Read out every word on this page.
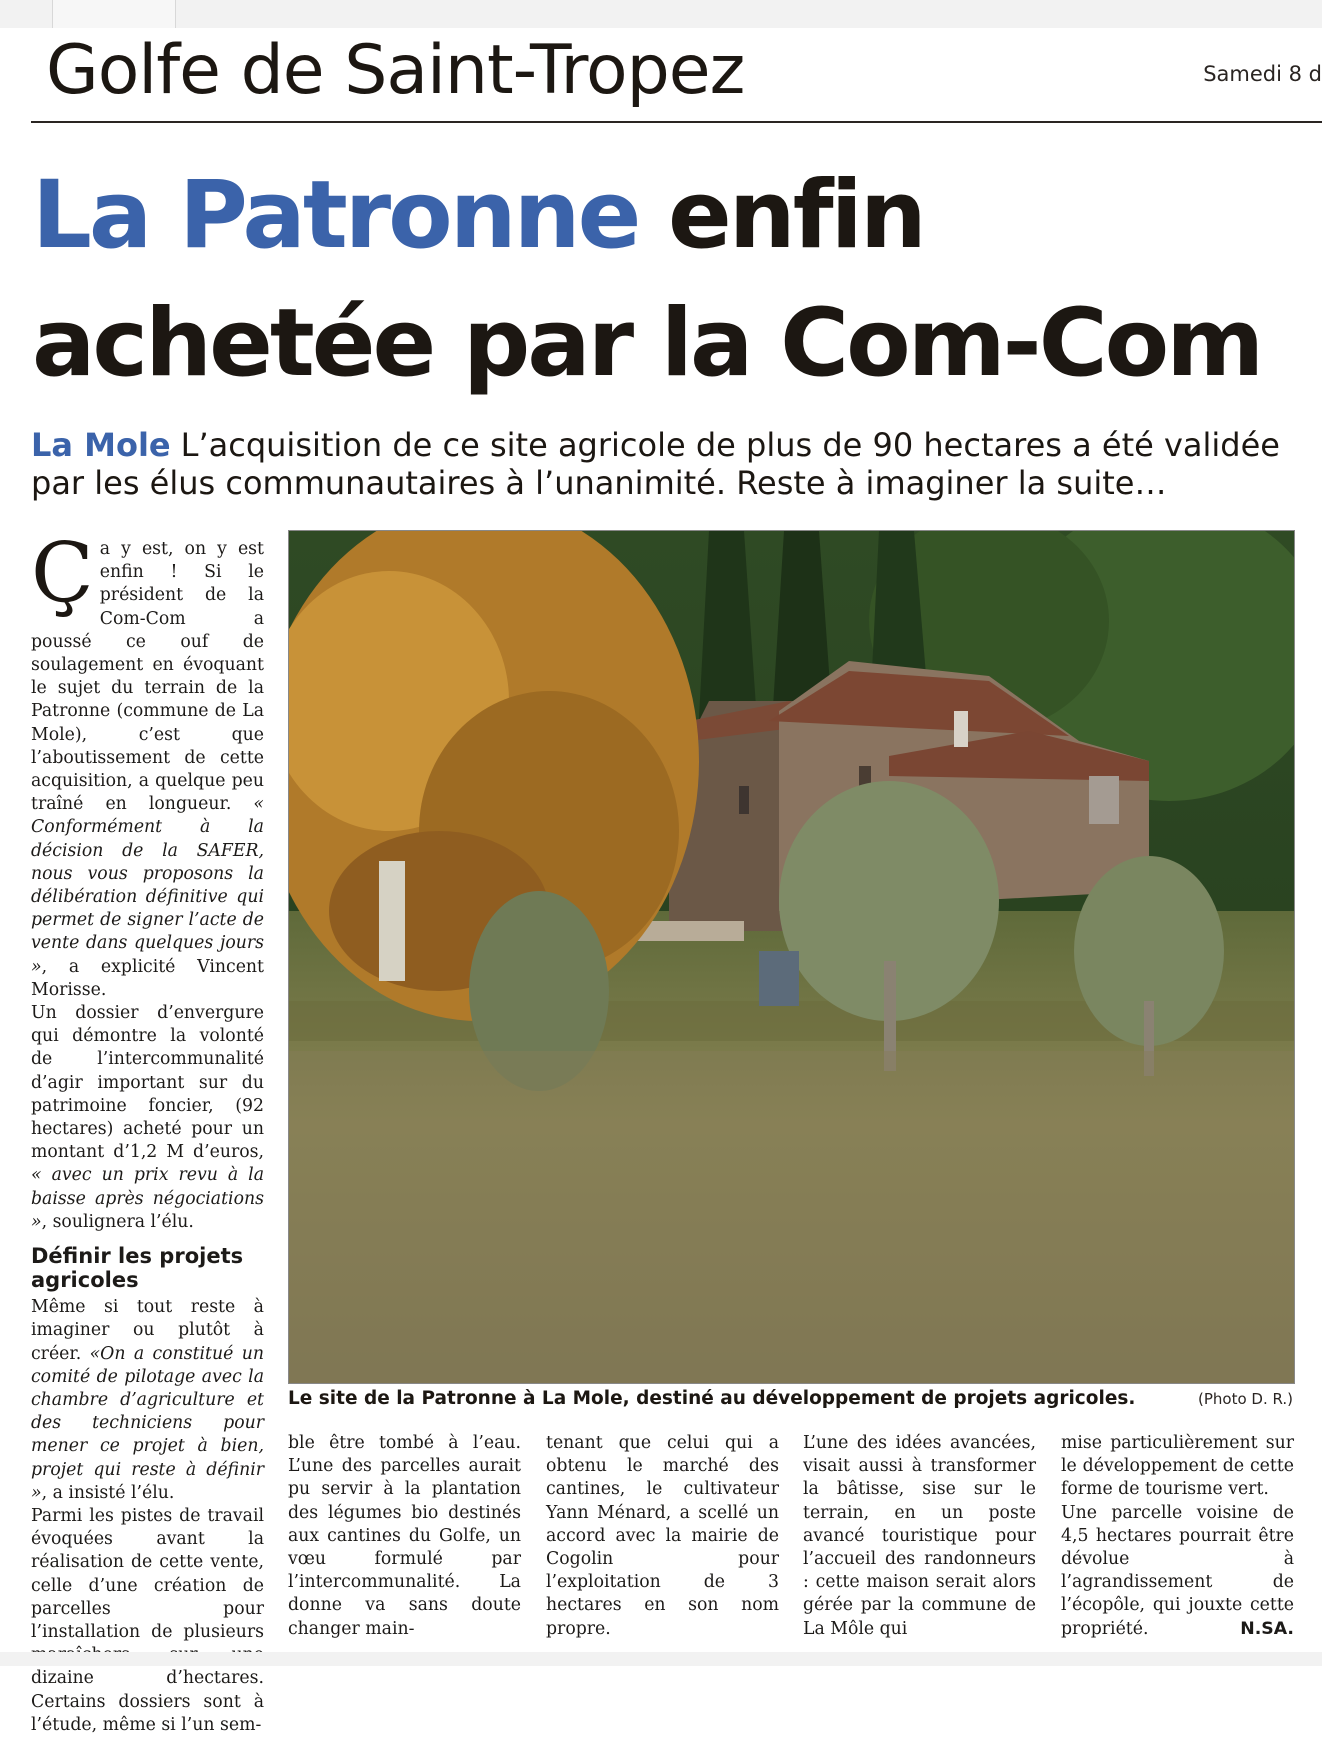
Golfe de Saint-Tropez	Samedi 8 d
La Patronne enfin
achetée par la Com-Com
La Mole L’acquisition de ce site agricole de plus de 90 hectares a été validée par les élus communautaires à l’unanimité. Reste à imaginer la suite…

Ça y est, on y est enfin ! Si le président de la Com-Com a poussé ce ouf de soulagement en évoquant le sujet du terrain de la Patronne (commune de La Mole), c’est que l’aboutissement de cette acquisition, a quelque peu traîné en longueur. « Conformément à la décision de la SAFER, nous vous proposons la délibération définitive qui permet de signer l’acte de vente dans quelques jours », a explicité Vincent Morisse.

Un dossier d’envergure qui démontre la volonté de l’intercommunalité d’agir important sur du patrimoine foncier, (92 hectares) acheté pour un montant d’1,2 M d’euros, « avec un prix revu à la baisse après négociations », soulignera l’élu.

Définir les projets agricoles

Même si tout reste à imaginer ou plutôt à créer. «On a constitué un comité de pilotage avec la chambre d’agriculture et des techniciens pour mener ce projet à bien, projet qui reste à définir », a insisté l’élu.

Parmi les pistes de travail évoquées avant la réalisation de cette vente, celle d’une création de parcelles pour l’installation de plusieurs dizaine d’hectares. Certains dossiers sont à l’étude, même si l’un sem-

Le site de la Patronne à La Mole, destiné au développement de projets agricoles.	(Photo D. R.)

ble être tombé à l’eau. L’une des parcelles aurait pu servir à la plantation des légumes bio destinés aux cantines du Golfe, un vœu formulé par l’intercommunalité. La donne va sans doute changer main-

tenant que celui qui a obtenu le marché des cantines, le cultivateur Yann Ménard, a scellé un accord avec la mairie de Cogolin pour l’exploitation de 3 hectares en son nom propre.

L’une des idées avancées, visait aussi à transformer la bâtisse, sise sur le terrain, en un poste avancé touristique pour l’accueil des randonneurs : cette maison serait alors gérée par la commune de La Môle qui

mise particulièrement sur le développement de cette forme de tourisme vert.

Une parcelle voisine de 4,5 hectares pourrait être dévolue à l’agrandissement de l’écopôle, qui jouxte cette propriété.	N.SA.
